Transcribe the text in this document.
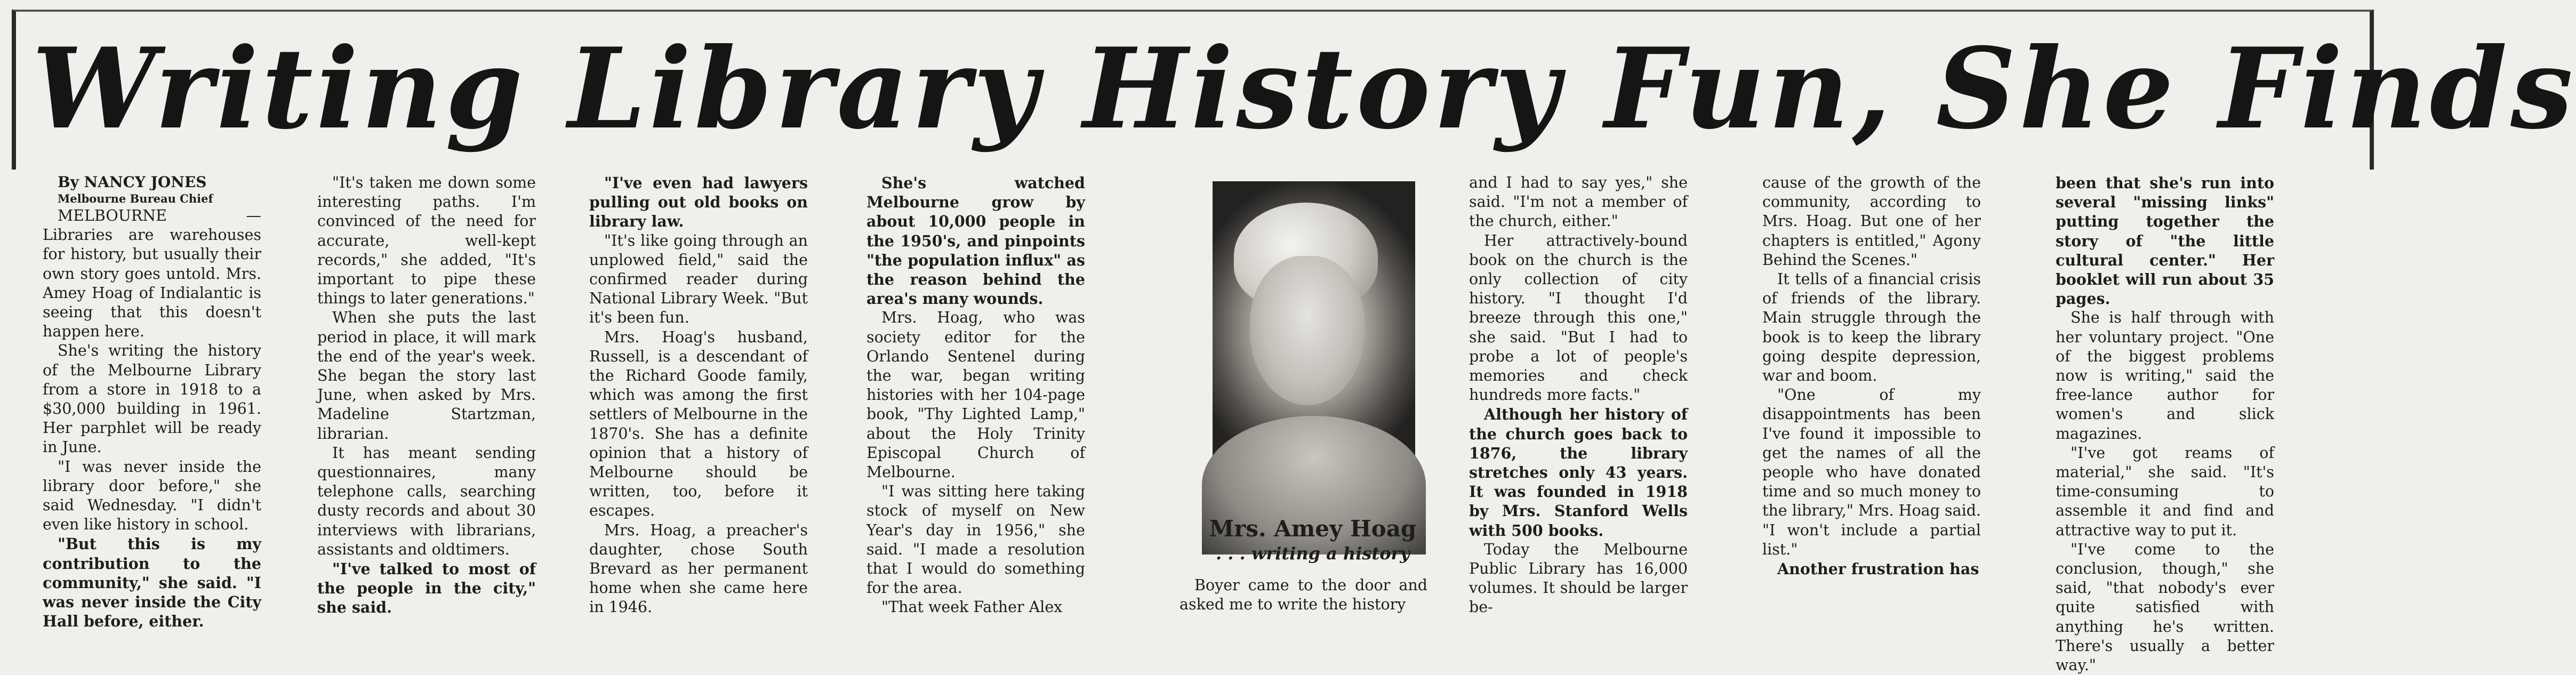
Writing Library History Fun, She Finds

By NANCY JONES

Melbourne Bureau Chief

MELBOURNE — Libraries are warehouses for history, but usually their own story goes untold. Mrs. Amey Hoag of Indialantic is seeing that this doesn't happen here.

She's writing the history of the Melbourne Library from a store in 1918 to a $30,000 building in 1961. Her parphlet will be ready in June.

"I was never inside the library door before," she said Wednesday. "I didn't even like history in school.

"But this is my contribution to the community," she said. "I was never inside the City Hall before, either.

"It's taken me down some interesting paths. I'm convinced of the need for accurate, well-kept records," she added, "It's important to pipe these things to later generations."

When she puts the last period in place, it will mark the end of the year's week. She began the story last June, when asked by Mrs. Madeline Startzman, librarian.

It has meant sending questionnaires, many telephone calls, searching dusty records and about 30 interviews with librarians, assistants and oldtimers.

"I've talked to most of the people in the city," she said.

"I've even had lawyers pulling out old books on library law.

"It's like going through an unplowed field," said the confirmed reader during National Library Week. "But it's been fun.

Mrs. Hoag's husband, Russell, is a descendant of the Richard Goode family, which was among the first settlers of Melbourne in the 1870's. She has a definite opinion that a history of Melbourne should be written, too, before it escapes.

Mrs. Hoag, a preacher's daughter, chose South Brevard as her permanent home when she came here in 1946.

She's watched Melbourne grow by about 10,000 people in the 1950's, and pinpoints "the population influx" as the reason behind the area's many wounds.

Mrs. Hoag, who was society editor for the Orlando Sentenel during the war, began writing histories with her 104-page book, "Thy Lighted Lamp," about the Holy Trinity Episcopal Church of Melbourne.

"I was sitting here taking stock of myself on New Year's day in 1956," she said. "I made a resolution that I would do something for the area.

"That week Father Alex

Mrs. Amey Hoag
. . . writing a history

Boyer came to the door and asked me to write the history

and I had to say yes," she said. "I'm not a member of the church, either."

Her attractively-bound book on the church is the only collection of city history. "I thought I'd breeze through this one," she said. "But I had to probe a lot of people's memories and check hundreds more facts."

Although her history of the church goes back to 1876, the library stretches only 43 years. It was founded in 1918 by Mrs. Stanford Wells with 500 books.

Today the Melbourne Public Library has 16,000 volumes. It should be larger be-

cause of the growth of the community, according to Mrs. Hoag. But one of her chapters is entitled," Agony Behind the Scenes."

It tells of a financial crisis of friends of the library. Main struggle through the book is to keep the library going despite depression, war and boom.

"One of my disappointments has been I've found it impossible to get the names of all the people who have donated time and so much money to the library," Mrs. Hoag said. "I won't include a partial list."

Another frustration has

been that she's run into several "missing links" putting together the story of "the little cultural center." Her booklet will run about 35 pages.

She is half through with her voluntary project. "One of the biggest problems now is writing," said the free-lance author for women's and slick magazines.

"I've got reams of material," she said. "It's time-consuming to assemble it and find and attractive way to put it.

"I've come to the conclusion, though," she said, "that nobody's ever quite satisfied with anything he's written. There's usually a better way."
